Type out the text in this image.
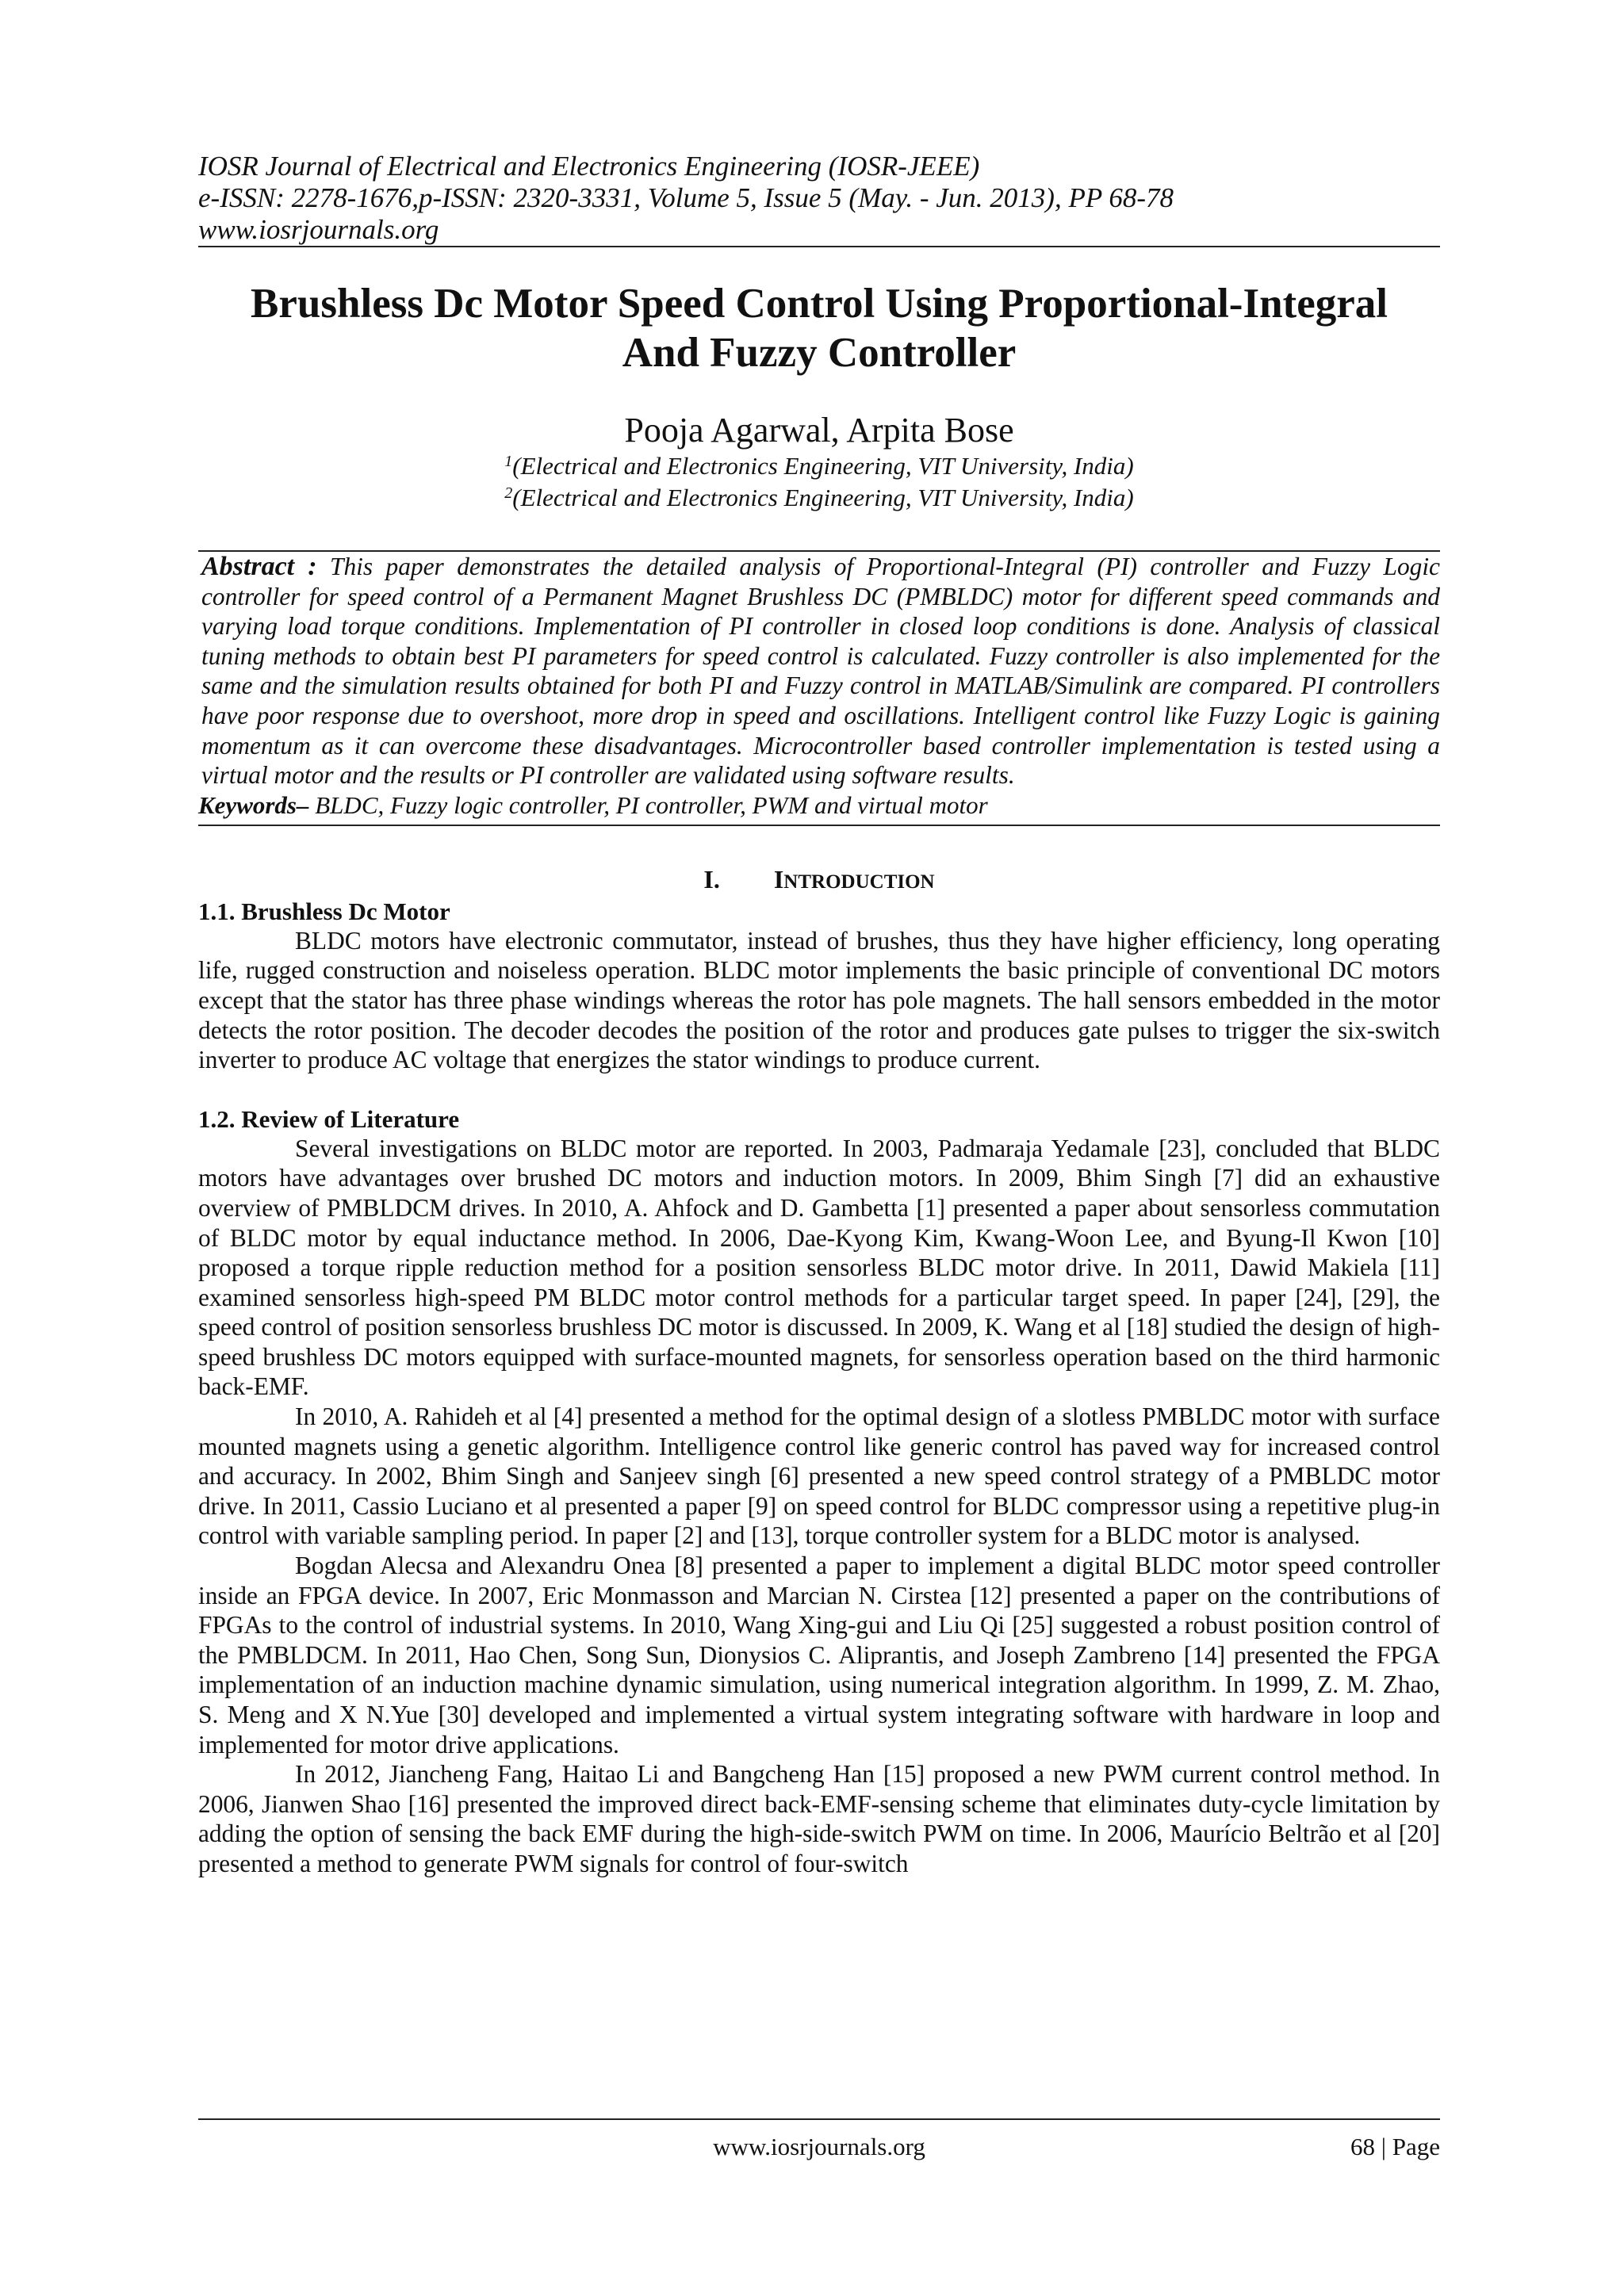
IOSR Journal of Electrical and Electronics Engineering (IOSR-JEEE)
e-ISSN: 2278-1676,p-ISSN: 2320-3331, Volume 5, Issue 5 (May. - Jun. 2013), PP 68-78
www.iosrjournals.org
Brushless Dc Motor Speed Control Using Proportional-Integral
And Fuzzy Controller
Pooja Agarwal, Arpita Bose
$^1$(Electrical and Electronics Engineering, VIT University, India)
$^2$(Electrical and Electronics Engineering, VIT University, India)
Abstract : This paper demonstrates the detailed analysis of Proportional-Integral (PI) controller and Fuzzy Logic controller for speed control of a Permanent Magnet Brushless DC (PMBLDC) motor for different speed commands and varying load torque conditions. Implementation of PI controller in closed loop conditions is done. Analysis of classical tuning methods to obtain best PI parameters for speed control is calculated. Fuzzy controller is also implemented for the same and the simulation results obtained for both PI and Fuzzy control in MATLAB/Simulink are compared. PI controllers have poor response due to overshoot, more drop in speed and oscillations. Intelligent control like Fuzzy Logic is gaining momentum as it can overcome these disadvantages. Microcontroller based controller implementation is tested using a virtual motor and the results or PI controller are validated using software results.
Keywords– BLDC, Fuzzy logic controller, PI controller, PWM and virtual motor
I. INTRODUCTION
1.1. Brushless Dc Motor

BLDC motors have electronic commutator, instead of brushes, thus they have higher efficiency, long operating life, rugged construction and noiseless operation. BLDC motor implements the basic principle of conventional DC motors except that the stator has three phase windings whereas the rotor has pole magnets. The hall sensors embedded in the motor detects the rotor position. The decoder decodes the position of the rotor and produces gate pulses to trigger the six-switch inverter to produce AC voltage that energizes the stator windings to produce current.

1.2. Review of Literature

Several investigations on BLDC motor are reported. In 2003, Padmaraja Yedamale [23], concluded that BLDC motors have advantages over brushed DC motors and induction motors. In 2009, Bhim Singh [7] did an exhaustive overview of PMBLDCM drives. In 2010, A. Ahfock and D. Gambetta [1] presented a paper about sensorless commutation of BLDC motor by equal inductance method. In 2006, Dae-Kyong Kim, Kwang-Woon Lee, and Byung-Il Kwon [10] proposed a torque ripple reduction method for a position sensorless BLDC motor drive. In 2011, Dawid Makiela [11] examined sensorless high-speed PM BLDC motor control methods for a particular target speed. In paper [24], [29], the speed control of position sensorless brushless DC motor is discussed. In 2009, K. Wang et al [18] studied the design of high-speed brushless DC motors equipped with surface-mounted magnets, for sensorless operation based on the third harmonic back-EMF.

In 2010, A. Rahideh et al [4] presented a method for the optimal design of a slotless PMBLDC motor with surface mounted magnets using a genetic algorithm. Intelligence control like generic control has paved way for increased control and accuracy. In 2002, Bhim Singh and Sanjeev singh [6] presented a new speed control strategy of a PMBLDC motor drive. In 2011, Cassio Luciano et al presented a paper [9] on speed control for BLDC compressor using a repetitive plug-in control with variable sampling period. In paper [2] and [13], torque controller system for a BLDC motor is analysed.

Bogdan Alecsa and Alexandru Onea [8] presented a paper to implement a digital BLDC motor speed controller inside an FPGA device. In 2007, Eric Monmasson and Marcian N. Cirstea [12] presented a paper on the contributions of FPGAs to the control of industrial systems. In 2010, Wang Xing-gui and Liu Qi [25] suggested a robust position control of the PMBLDCM. In 2011, Hao Chen, Song Sun, Dionysios C. Aliprantis, and Joseph Zambreno [14] presented the FPGA implementation of an induction machine dynamic simulation, using numerical integration algorithm. In 1999, Z. M. Zhao, S. Meng and X N.Yue [30] developed and implemented a virtual system integrating software with hardware in loop and implemented for motor drive applications.

In 2012, Jiancheng Fang, Haitao Li and Bangcheng Han [15] proposed a new PWM current control method. In 2006, Jianwen Shao [16] presented the improved direct back-EMF-sensing scheme that eliminates duty-cycle limitation by adding the option of sensing the back EMF during the high-side-switch PWM on time. In 2006, Maurício Beltrão et al [20] presented a method to generate PWM signals for control of four-switch

www.iosrjournals.org	68 | Page
